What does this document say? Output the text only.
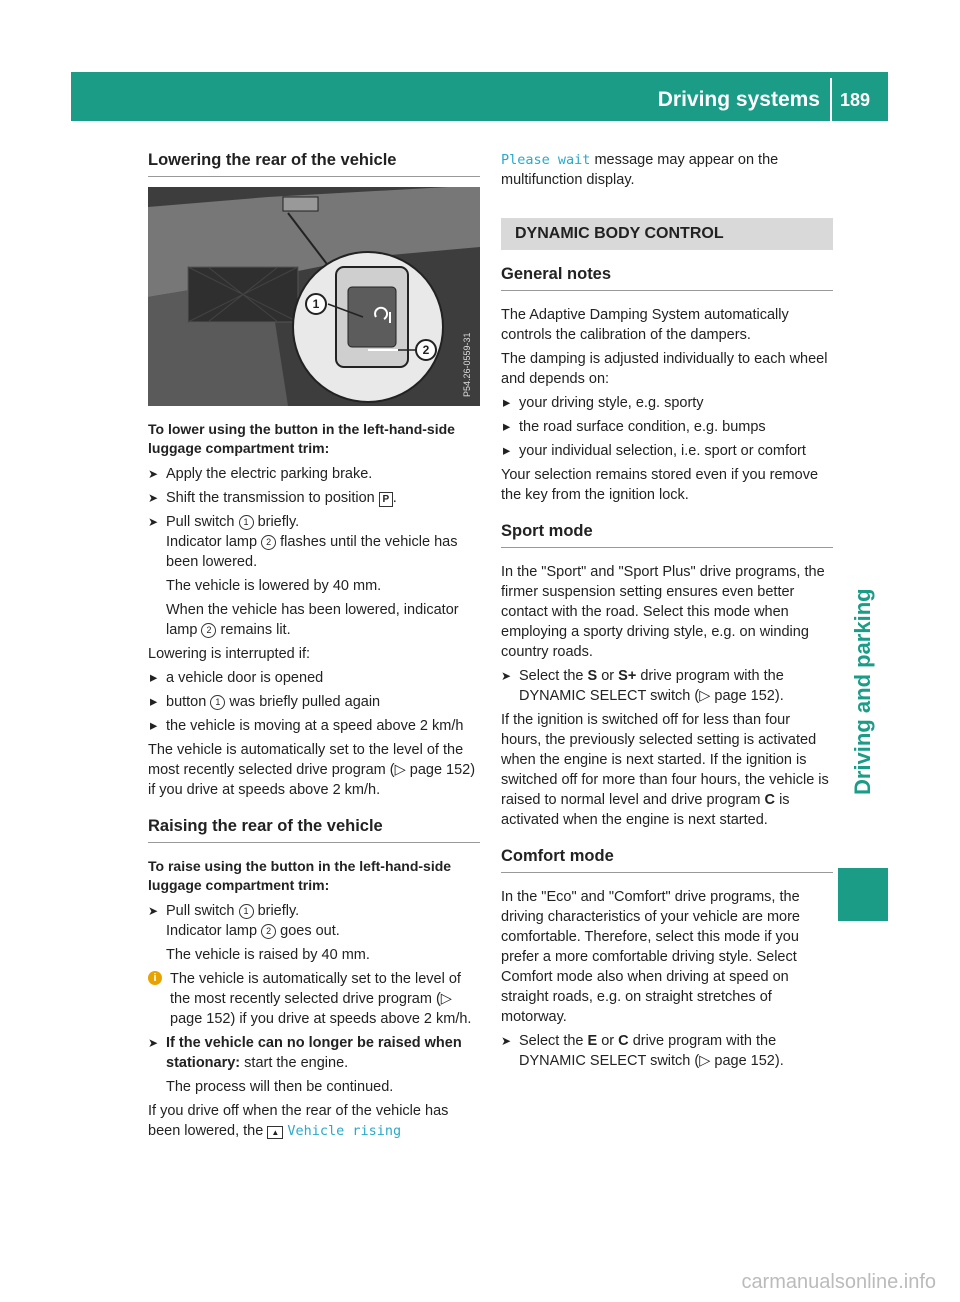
Driving systems 189
Driving and parking
Lowering the rear of the vehicle
1
2	P54.26-0559-31
To lower using the button in the left-hand-side luggage compartment trim:
➤ Apply the electric parking brake.
➤ Shift the transmission to position P .
➤ Pull switch 1 briefly.
Indicator lamp 2 flashes until the vehicle has been lowered.

The vehicle is lowered by 40 mm.

When the vehicle has been lowered, indicator lamp 2 remains lit.

Lowering is interrupted if:

▸ a vehicle door is opened
▸ button 1 was briefly pulled again
▸ the vehicle is moving at a speed above 2 km/h

The vehicle is automatically set to the level of the most recently selected drive program (▷ page 152) if you drive at speeds above 2 km/h.

Raising the rear of the vehicle
To raise using the button in the left-hand-side luggage compartment trim:
➤ Pull switch 1 briefly.
Indicator lamp 2 goes out.

The vehicle is raised by 40 mm.

i The vehicle is automatically set to the level of the most recently selected drive program (▷ page 152) if you drive at speeds above 2 km/h.
➤ If the vehicle can no longer be raised when stationary: start the engine.

The process will then be continued.

If you drive off when the rear of the vehicle has been lowered, the ▲ Vehicle rising

Please wait message may appear on the multifunction display.

DYNAMIC BODY CONTROL
General notes

The Adaptive Damping System automatically controls the calibration of the dampers.

The damping is adjusted individually to each wheel and depends on:

▸ your driving style, e.g. sporty
▸ the road surface condition, e.g. bumps
▸ your individual selection, i.e. sport or comfort

Your selection remains stored even if you remove the key from the ignition lock.

Sport mode

In the "Sport" and "Sport Plus" drive programs, the firmer suspension setting ensures even better contact with the road. Select this mode when employing a sporty driving style, e.g. on winding country roads.

➤ Select the S or S+ drive program with the DYNAMIC SELECT switch (▷ page 152).

If the ignition is switched off for less than four hours, the previously selected setting is activated when the engine is next started. If the ignition is switched off for more than four hours, the vehicle is raised to normal level and drive program C is activated when the engine is next started.

Comfort mode

In the "Eco" and "Comfort" drive programs, the driving characteristics of your vehicle are more comfortable. Therefore, select this mode if you prefer a more comfortable driving style. Select Comfort mode also when driving at speed on straight roads, e.g. on straight stretches of motorway.

➤ Select the E or C drive program with the DYNAMIC SELECT switch (▷ page 152).
carmanualsonline.info
